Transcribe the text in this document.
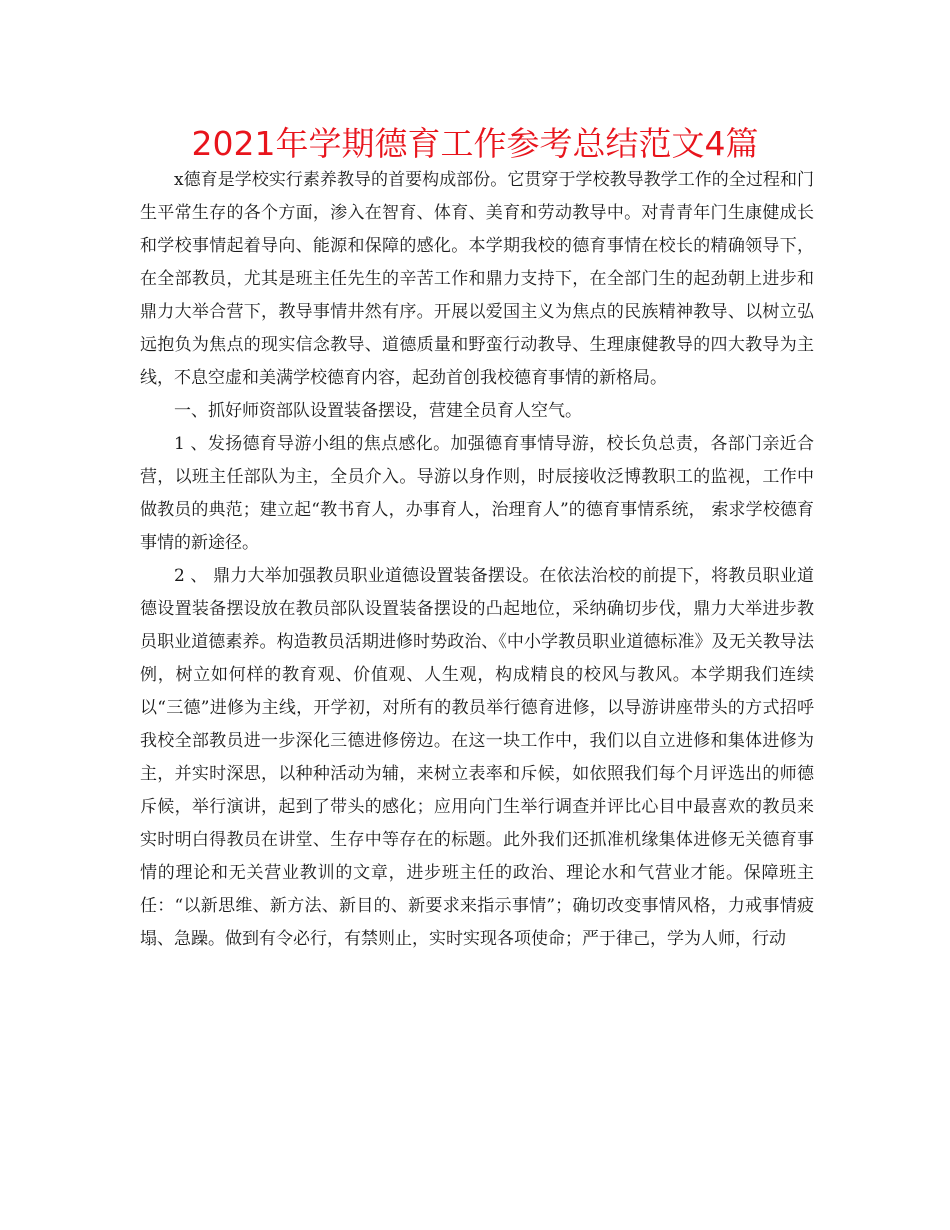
2021年学期德育工作参考总结范文4篇

x德育是学校实行素养教导的首要构成部份。它贯穿于学校教导教学工作的全过程和门生平常生存的各个方面，渗入在智育、体育、美育和劳动教导中。对青青年门生康健成长和学校事情起着导向、能源和保障的感化。本学期我校的德育事情在校长的精确领导下，在全部教员，尤其是班主任先生的辛苦工作和鼎力支持下，在全部门生的起劲朝上进步和鼎力大举合营下，教导事情井然有序。开展以爱国主义为焦点的民族精神教导、以树立弘远抱负为焦点的现实信念教导、道德质量和野蛮行动教导、生理康健教导的四大教导为主线，不息空虚和美满学校德育内容，起劲首创我校德育事情的新格局。

一、抓好师资部队设置装备摆设，营建全员育人空气。

1 、发扬德育导游小组的焦点感化。加强德育事情导游，校长负总责，各部门亲近合营，以班主任部队为主，全员介入。导游以身作则，时辰接收泛博教职工的监视，工作中做教员的典范；建立起“教书育人，办事育人，治理育人”的德育事情系统， 索求学校德育事情的新途径。

2 、 鼎力大举加强教员职业道德设置装备摆设。在依法治校的前提下，将教员职业道德设置装备摆设放在教员部队设置装备摆设的凸起地位，采纳确切步伐，鼎力大举进步教员职业道德素养。构造教员活期进修时势政治、《中小学教员职业道德标准》及无关教导法例，树立如何样的教育观、价值观、人生观，构成精良的校风与教风。本学期我们连续以“三德”进修为主线，开学初，对所有的教员举行德育进修，以导游讲座带头的方式招呼我校全部教员进一步深化三德进修傍边。在这一块工作中，我们以自立进修和集体进修为主，并实时深思，以种种活动为辅，来树立表率和斥候，如依照我们每个月评选出的师德斥候，举行演讲，起到了带头的感化；应用向门生举行调查并评比心目中最喜欢的教员来实时明白得教员在讲堂、生存中等存在的标题。此外我们还抓准机缘集体进修无关德育事情的理论和无关营业教训的文章，进步班主任的政治、理论水和气营业才能。保障班主任：“以新思维、新方法、新目的、新要求来指示事情”；确切改变事情风格，力戒事情疲塌、急躁。做到有令必行，有禁则止，实时实现各项使命；严于律己，学为人师，行动
